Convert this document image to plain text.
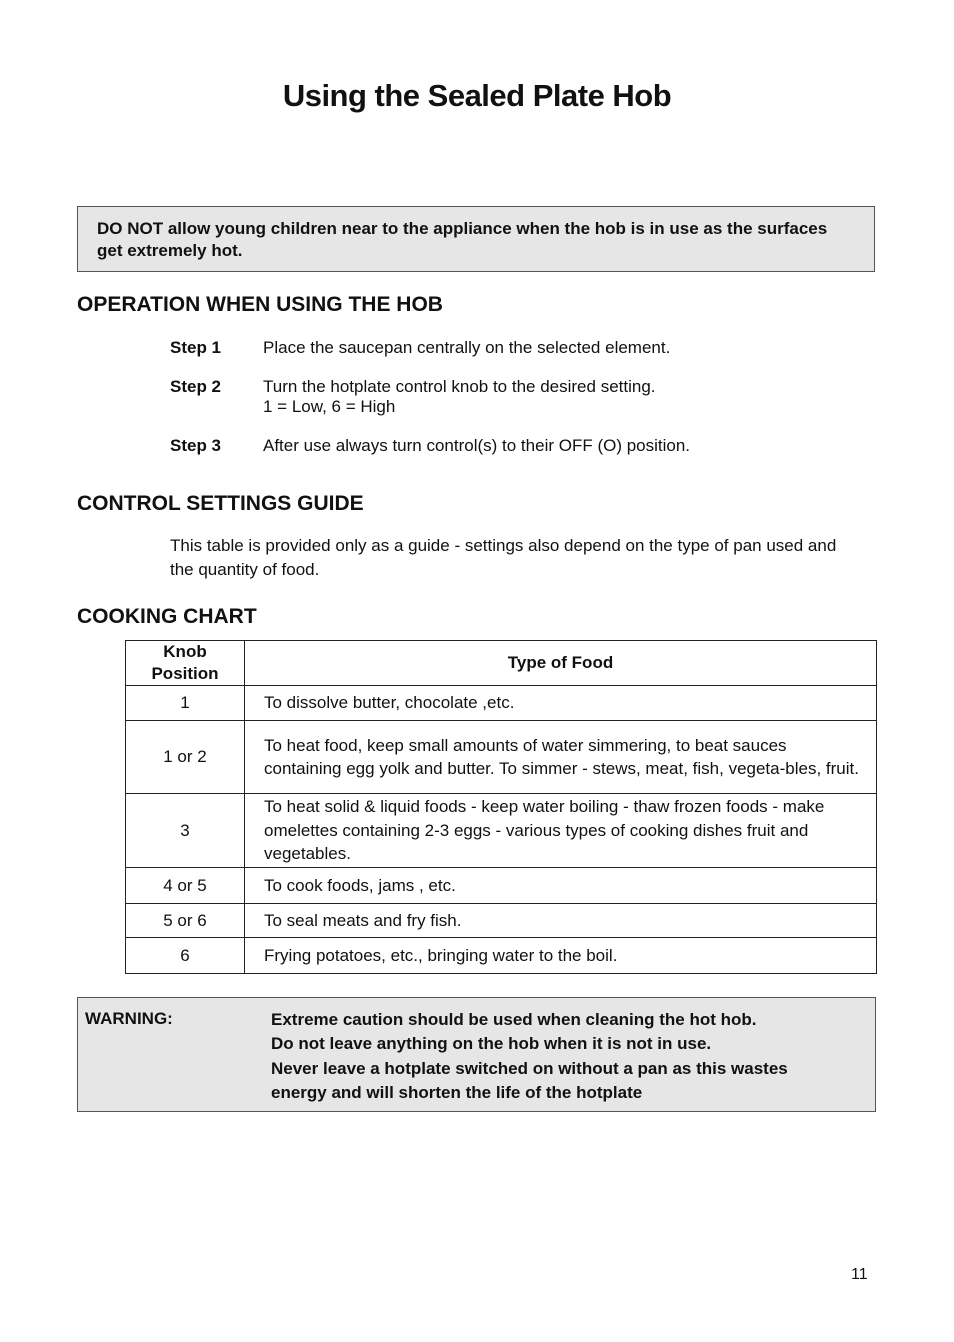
Using the Sealed Plate Hob
DO NOT allow young children near to the appliance when the hob is in use as the surfaces get extremely hot.
OPERATION WHEN USING THE HOB
Step 1 Place the saucepan centrally on the selected element.
Step 2 Turn the hotplate control knob to the desired setting.
1 = Low, 6 = High
Step 3 After use always turn control(s) to their OFF (O) position.
CONTROL SETTINGS GUIDE
This table is provided only as a guide - settings also depend on the type of pan used and the quantity of food.
COOKING CHART
Knob Position	Type of Food
1	To dissolve butter, chocolate ,etc.
1 or 2	To heat food, keep small amounts of water simmering, to beat sauces containing egg yolk and butter. To simmer - stews, meat, fish, vegeta-bles, fruit.
3	To heat solid & liquid foods - keep water boiling - thaw frozen foods - make omelettes containing 2-3 eggs - various types of cooking dishes fruit and vegetables.
4 or 5	To cook foods, jams , etc.
5 or 6	To seal meats and fry fish.
6	Frying potatoes, etc., bringing water to the boil.
WARNING:	Extreme caution should be used when cleaning the hot hob.
Do not leave anything on the hob when it is not in use.
Never leave a hotplate switched on without a pan as this wastes
energy and will shorten the life of the hotplate
11
